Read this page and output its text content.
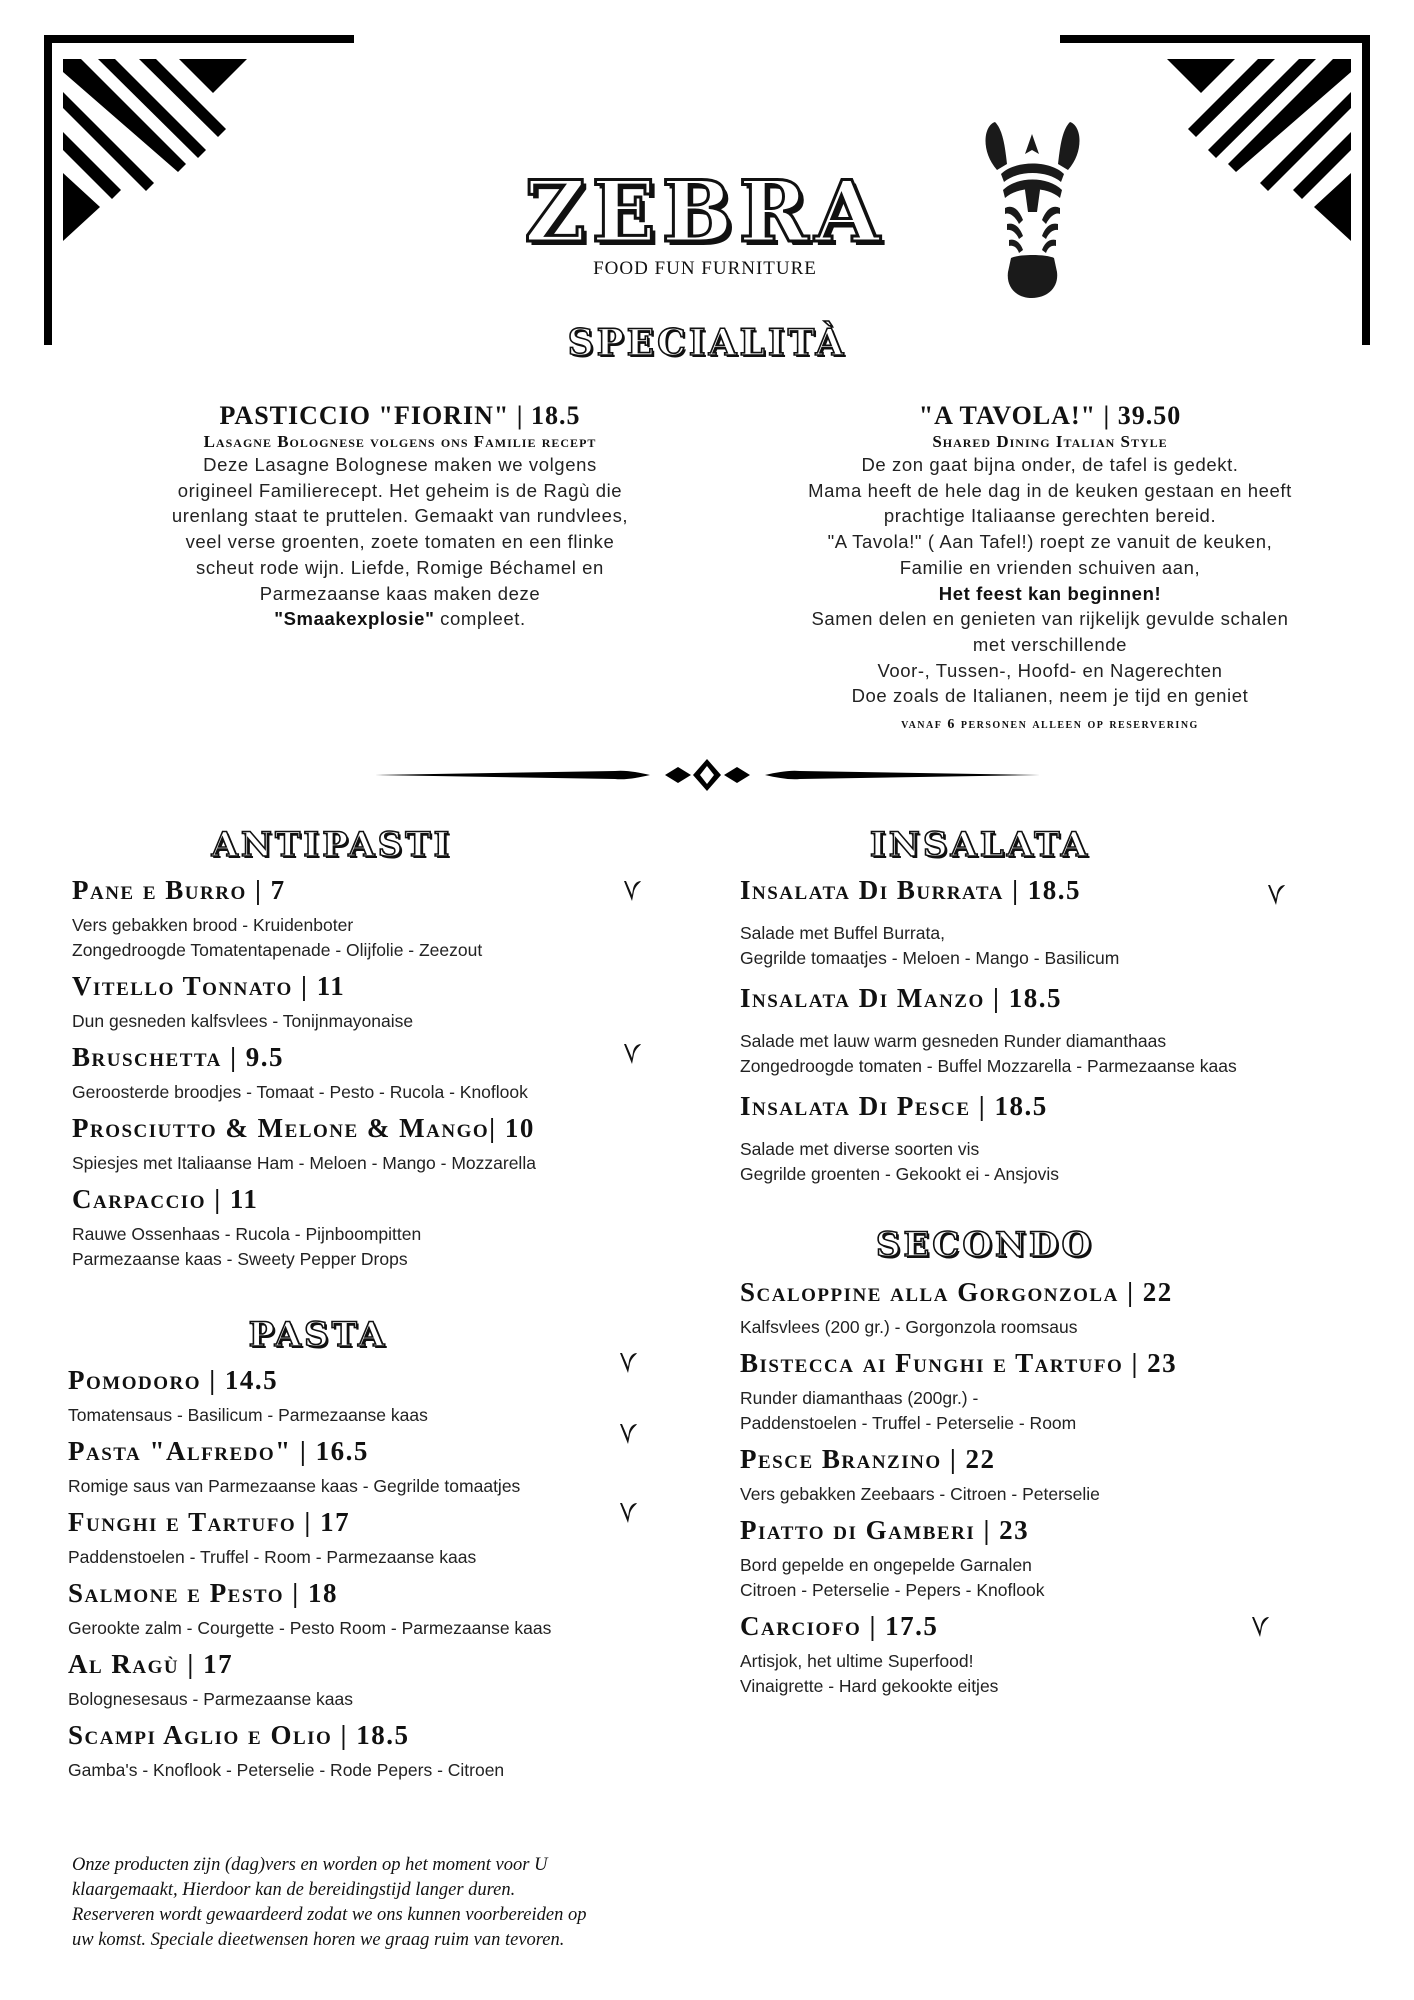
ZEBRA
FOOD FUN FURNITURE
SPECIALITÀ
PASTICCIO "FIORIN" | 18.5
Lasagne Bolognese volgens ons Familie recept
Deze Lasagne Bolognese maken we volgens
origineel Familierecept. Het geheim is de Ragù die
urenlang staat te pruttelen. Gemaakt van rundvlees,
veel verse groenten, zoete tomaten en een flinke
scheut rode wijn. Liefde, Romige Béchamel en
Parmezaanse kaas maken deze
"Smaakexplosie" compleet.
"A TAVOLA!" | 39.50
Shared Dining Italian Style
De zon gaat bijna onder, de tafel is gedekt.
Mama heeft de hele dag in de keuken gestaan en heeft
prachtige Italiaanse gerechten bereid.
"A Tavola!" ( Aan Tafel!) roept ze vanuit de keuken,
Familie en vrienden schuiven aan,
Het feest kan beginnen!
Samen delen en genieten van rijkelijk gevulde schalen
met verschillende
Voor-, Tussen-, Hoofd- en Nagerechten
Doe zoals de Italianen, neem je tijd en geniet
vanaf 6 personen alleen op reservering
ANTIPASTI
Pane e Burro | 7
Vers gebakken brood - Kruidenboter
Zongedroogde Tomatentapenade - Olijfolie - Zeezout
Vitello Tonnato | 11
Dun gesneden kalfsvlees - Tonijnmayonaise
Bruschetta | 9.5
Geroosterde broodjes - Tomaat - Pesto - Rucola - Knoflook
Prosciutto & Melone & Mango| 10
Spiesjes met Italiaanse Ham - Meloen - Mango - Mozzarella
Carpaccio | 11
Rauwe Ossenhaas - Rucola - Pijnboompitten
Parmezaanse kaas - Sweety Pepper Drops
PASTA
Pomodoro | 14.5
Tomatensaus - Basilicum - Parmezaanse kaas
Pasta "Alfredo" | 16.5
Romige saus van Parmezaanse kaas - Gegrilde tomaatjes
Funghi e Tartufo | 17
Paddenstoelen - Truffel - Room - Parmezaanse kaas
Salmone e Pesto | 18
Gerookte zalm - Courgette - Pesto Room - Parmezaanse kaas
Al Ragù | 17
Bolognesesaus - Parmezaanse kaas
Scampi Aglio e Olio | 18.5
Gamba's - Knoflook - Peterselie - Rode Pepers - Citroen
INSALATA
Insalata Di Burrata | 18.5
Salade met Buffel Burrata,
Gegrilde tomaatjes - Meloen - Mango - Basilicum
Insalata Di Manzo | 18.5
Salade met lauw warm gesneden Runder diamanthaas
Zongedroogde tomaten - Buffel Mozzarella - Parmezaanse kaas
Insalata Di Pesce | 18.5
Salade met diverse soorten vis
Gegrilde groenten - Gekookt ei - Ansjovis
SECONDO
Scaloppine alla Gorgonzola | 22
Kalfsvlees (200 gr.) - Gorgonzola roomsaus
Bistecca ai Funghi e Tartufo | 23
Runder diamanthaas (200gr.) -
Paddenstoelen - Truffel - Peterselie - Room
Pesce Branzino | 22
Vers gebakken Zeebaars - Citroen - Peterselie
Piatto di Gamberi | 23
Bord gepelde en ongepelde Garnalen
Citroen - Peterselie - Pepers - Knoflook
Carciofo | 17.5
Artisjok, het ultime Superfood!
Vinaigrette - Hard gekookte eitjes
Onze producten zijn (dag)vers en worden op het moment voor U
klaargemaakt, Hierdoor kan de bereidingstijd langer duren.
Reserveren wordt gewaardeerd zodat we ons kunnen voorbereiden op
uw komst. Speciale dieetwensen horen we graag ruim van tevoren.
